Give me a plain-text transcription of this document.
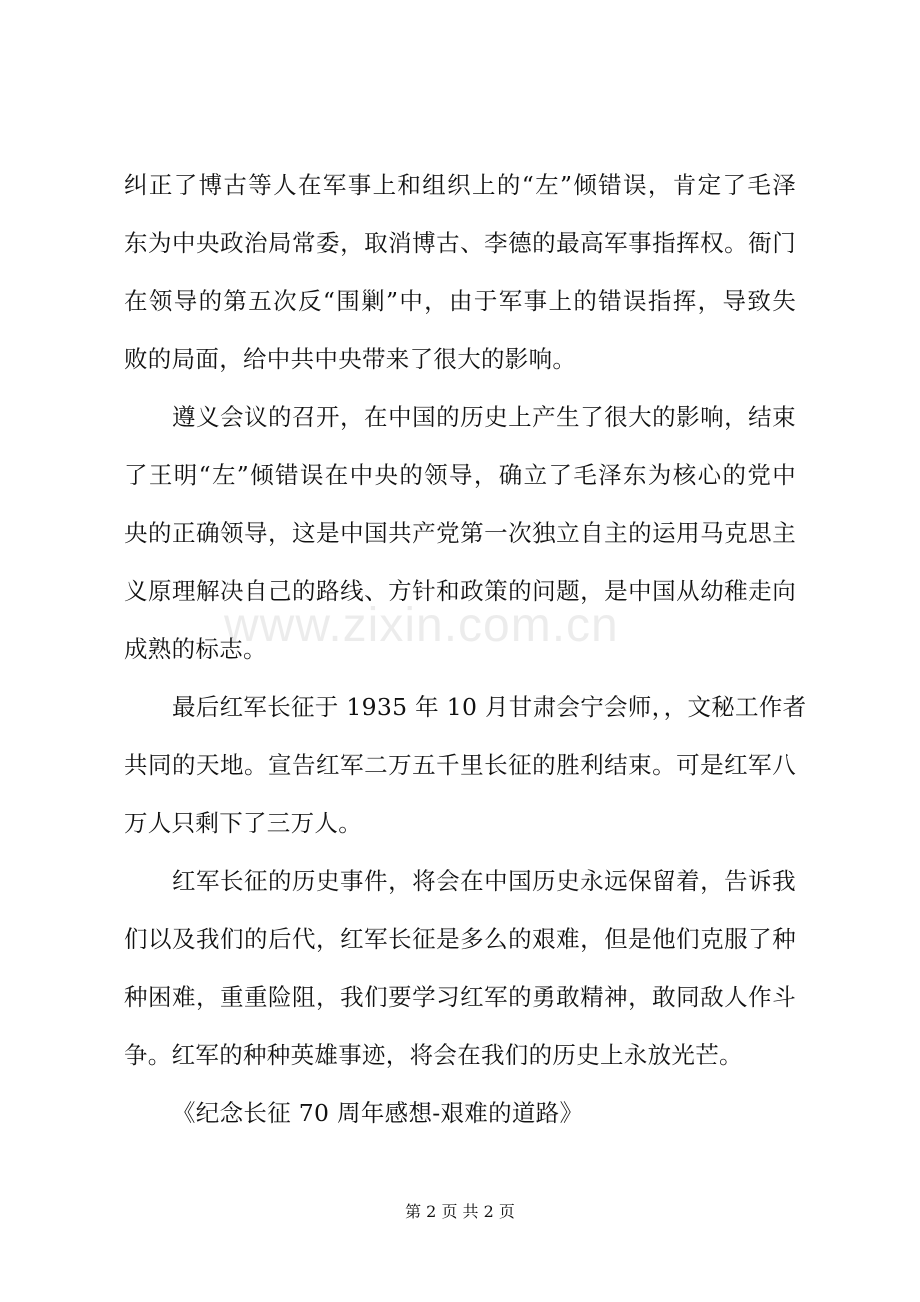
www.zixin.com.cn
纠正了博古等人在军事上和组织上的“左”倾错误，肯定了毛泽
东为中央政治局常委，取消博古、李德的最高军事指挥权。衙门
在领导的第五次反“围剿”中，由于军事上的错误指挥，导致失
败的局面，给中共中央带来了很大的影响。
遵义会议的召开，在中国的历史上产生了很大的影响，结束
了王明“左”倾错误在中央的领导，确立了毛泽东为核心的党中
央的正确领导，这是中国共产党第一次独立自主的运用马克思主
义原理解决自己的路线、方针和政策的问题，是中国从幼稚走向
成熟的标志。
最后红军长征于 1935 年 10 月甘肃会宁会师，，文秘工作者
共同的天地。宣告红军二万五千里长征的胜利结束。可是红军八
万人只剩下了三万人。
红军长征的历史事件，将会在中国历史永远保留着，告诉我
们以及我们的后代，红军长征是多么的艰难，但是他们克服了种
种困难，重重险阻，我们要学习红军的勇敢精神，敢同敌人作斗
争。红军的种种英雄事迹，将会在我们的历史上永放光芒。
《纪念长征 70 周年感想-艰难的道路》
第 2 页 共 2 页
